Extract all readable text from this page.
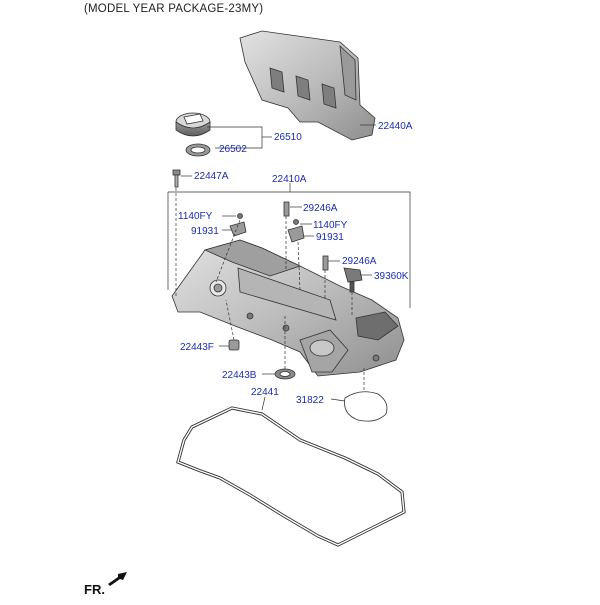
(MODEL YEAR PACKAGE-23MY)
22440A
26510
26502
22447A	22410A
1140FY
91931
29246A
1140FY
91931
29246A
39360K
22443F
22443B
22441
31822
FR.
